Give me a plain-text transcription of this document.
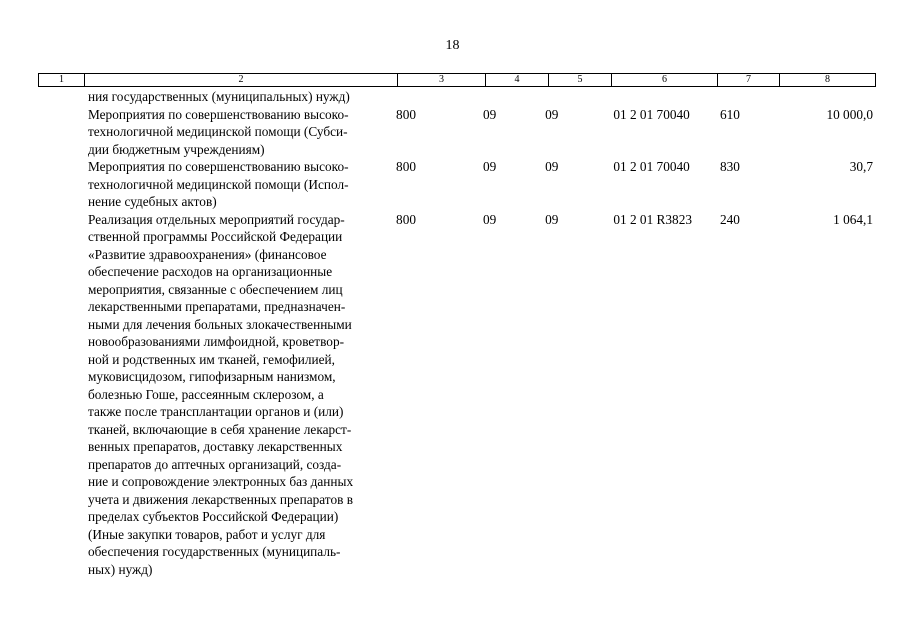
18
1	2	3	4	5	6	7	8
ния государственных (муниципальных) нужд)
Мероприятия по совершенствованию высоко-
технологичной медицинской помощи (Субси-
дии бюджетным учреждениям)
800	09	09	01 2 01 70040	610	10 000,0
Мероприятия по совершенствованию высоко-
технологичной медицинской помощи (Испол-
нение судебных актов)
800	09	09	01 2 01 70040	830	30,7
Реализация отдельных мероприятий государ-
ственной программы Российской Федерации
«Развитие здравоохранения» (финансовое
обеспечение расходов на организационные
мероприятия, связанные с обеспечением лиц
лекарственными препаратами, предназначен-
ными для лечения больных злокачественными
новообразованиями лимфоидной, кроветвор-
ной и родственных им тканей, гемофилией,
муковисцидозом, гипофизарным нанизмом,
болезнью Гоше, рассеянным склерозом, а
также после трансплантации органов и (или)
тканей, включающие в себя хранение лекарст-
венных препаратов, доставку лекарственных
препаратов до аптечных организаций, созда-
ние и сопровождение электронных баз данных
учета и движения лекарственных препаратов в
пределах субъектов Российской Федерации)
(Иные закупки товаров, работ и услуг для
обеспечения государственных (муниципаль-
ных) нужд)
800	09	09	01 2 01 R3823	240	1 064,1
